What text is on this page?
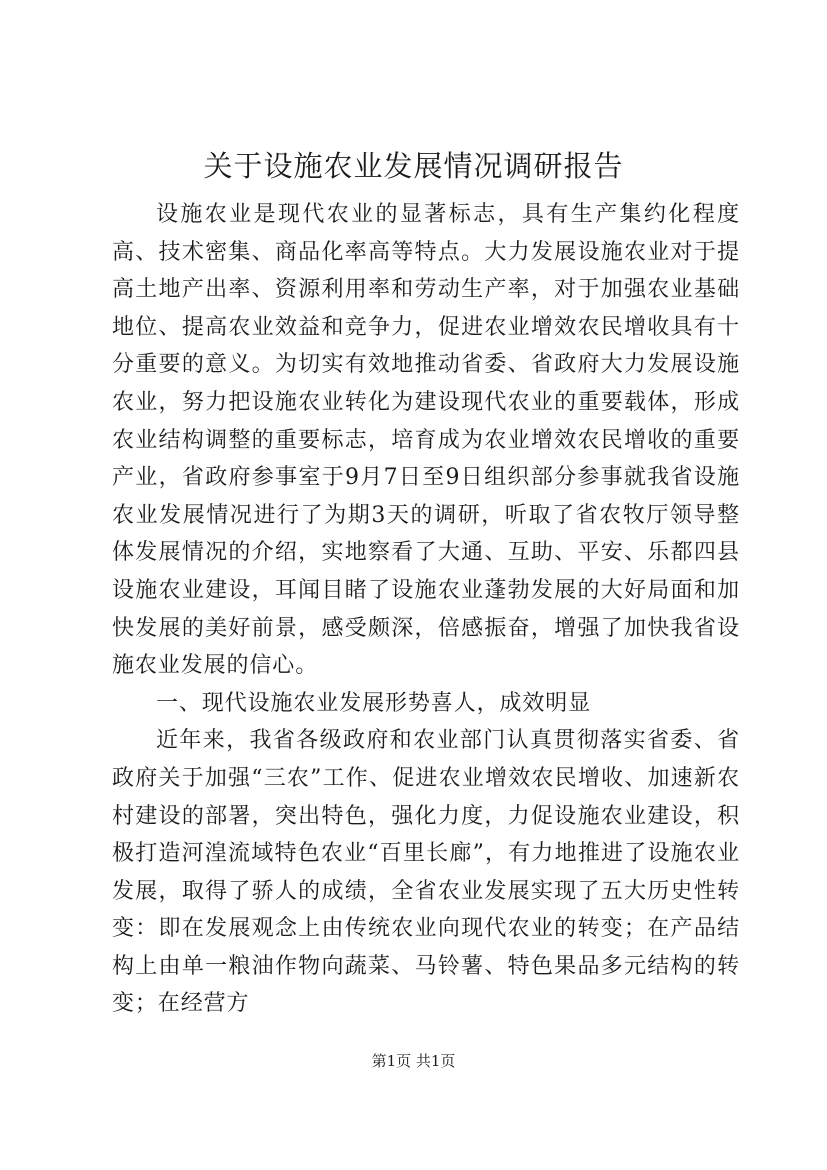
关于设施农业发展情况调研报告

设施农业是现代农业的显著标志，具有生产集约化程度高、技术密集、商品化率高等特点。大力发展设施农业对于提高土地产出率、资源利用率和劳动生产率，对于加强农业基础地位、提高农业效益和竞争力，促进农业增效农民增收具有十分重要的意义。为切实有效地推动省委、省政府大力发展设施农业，努力把设施农业转化为建设现代农业的重要载体，形成农业结构调整的重要标志，培育成为农业增效农民增收的重要产业，省政府参事室于9月7日至9日组织部分参事就我省设施农业发展情况进行了为期3天的调研，听取了省农牧厅领导整体发展情况的介绍，实地察看了大通、互助、平安、乐都四县设施农业建设，耳闻目睹了设施农业蓬勃发展的大好局面和加快发展的美好前景，感受颇深，倍感振奋，增强了加快我省设施农业发展的信心。

一、现代设施农业发展形势喜人，成效明显

近年来，我省各级政府和农业部门认真贯彻落实省委、省政府关于加强“三农”工作、促进农业增效农民增收、加速新农村建设的部署，突出特色，强化力度，力促设施农业建设，积极打造河湟流域特色农业“百里长廊”，有力地推进了设施农业发展，取得了骄人的成绩，全省农业发展实现了五大历史性转变：即在发展观念上由传统农业向现代农业的转变；在产品结构上由单一粮油作物向蔬菜、马铃薯、特色果品多元结构的转变；在经营方

第1页 共1页
